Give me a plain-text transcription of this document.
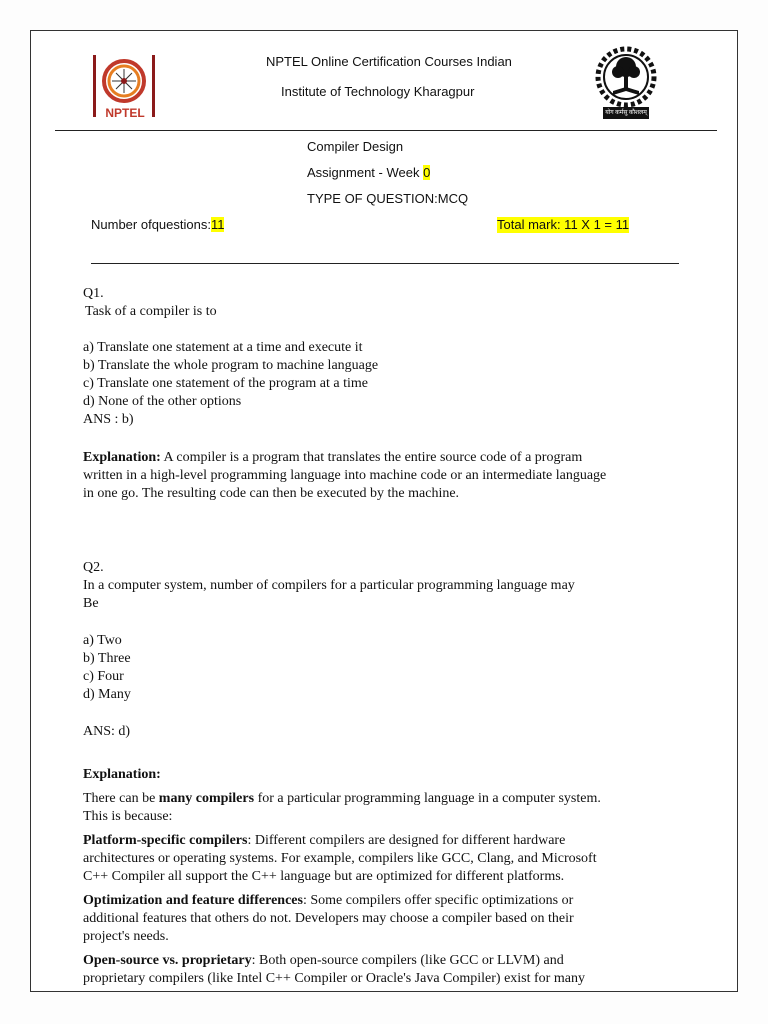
NPTEL	योग कर्मसु कौशलम्
NPTEL Online Certification Courses Indian
Institute of Technology Kharagpur
Compiler Design
Assignment - Week 0
TYPE OF QUESTION:MCQ
Number ofquestions:11	Total mark: 11 X 1 = 11
Q1.
Task of a compiler is to
a) Translate one statement at a time and execute it
b) Translate the whole program to machine language
c) Translate one statement of the program at a time
d) None of the other options
ANS : b)
Explanation: A compiler is a program that translates the entire source code of a program
written in a high-level programming language into machine code or an intermediate language
in one go. The resulting code can then be executed by the machine.
Q2.
In a computer system, number of compilers for a particular programming language may
Be
a) Two
b) Three
c) Four
d) Many
ANS: d)
Explanation:
There can be many compilers for a particular programming language in a computer system.
This is because:
Platform-specific compilers: Different compilers are designed for different hardware
architectures or operating systems. For example, compilers like GCC, Clang, and Microsoft
C++ Compiler all support the C++ language but are optimized for different platforms.
Optimization and feature differences: Some compilers offer specific optimizations or
additional features that others do not. Developers may choose a compiler based on their
project's needs.
Open-source vs. proprietary: Both open-source compilers (like GCC or LLVM) and
proprietary compilers (like Intel C++ Compiler or Oracle's Java Compiler) exist for many
